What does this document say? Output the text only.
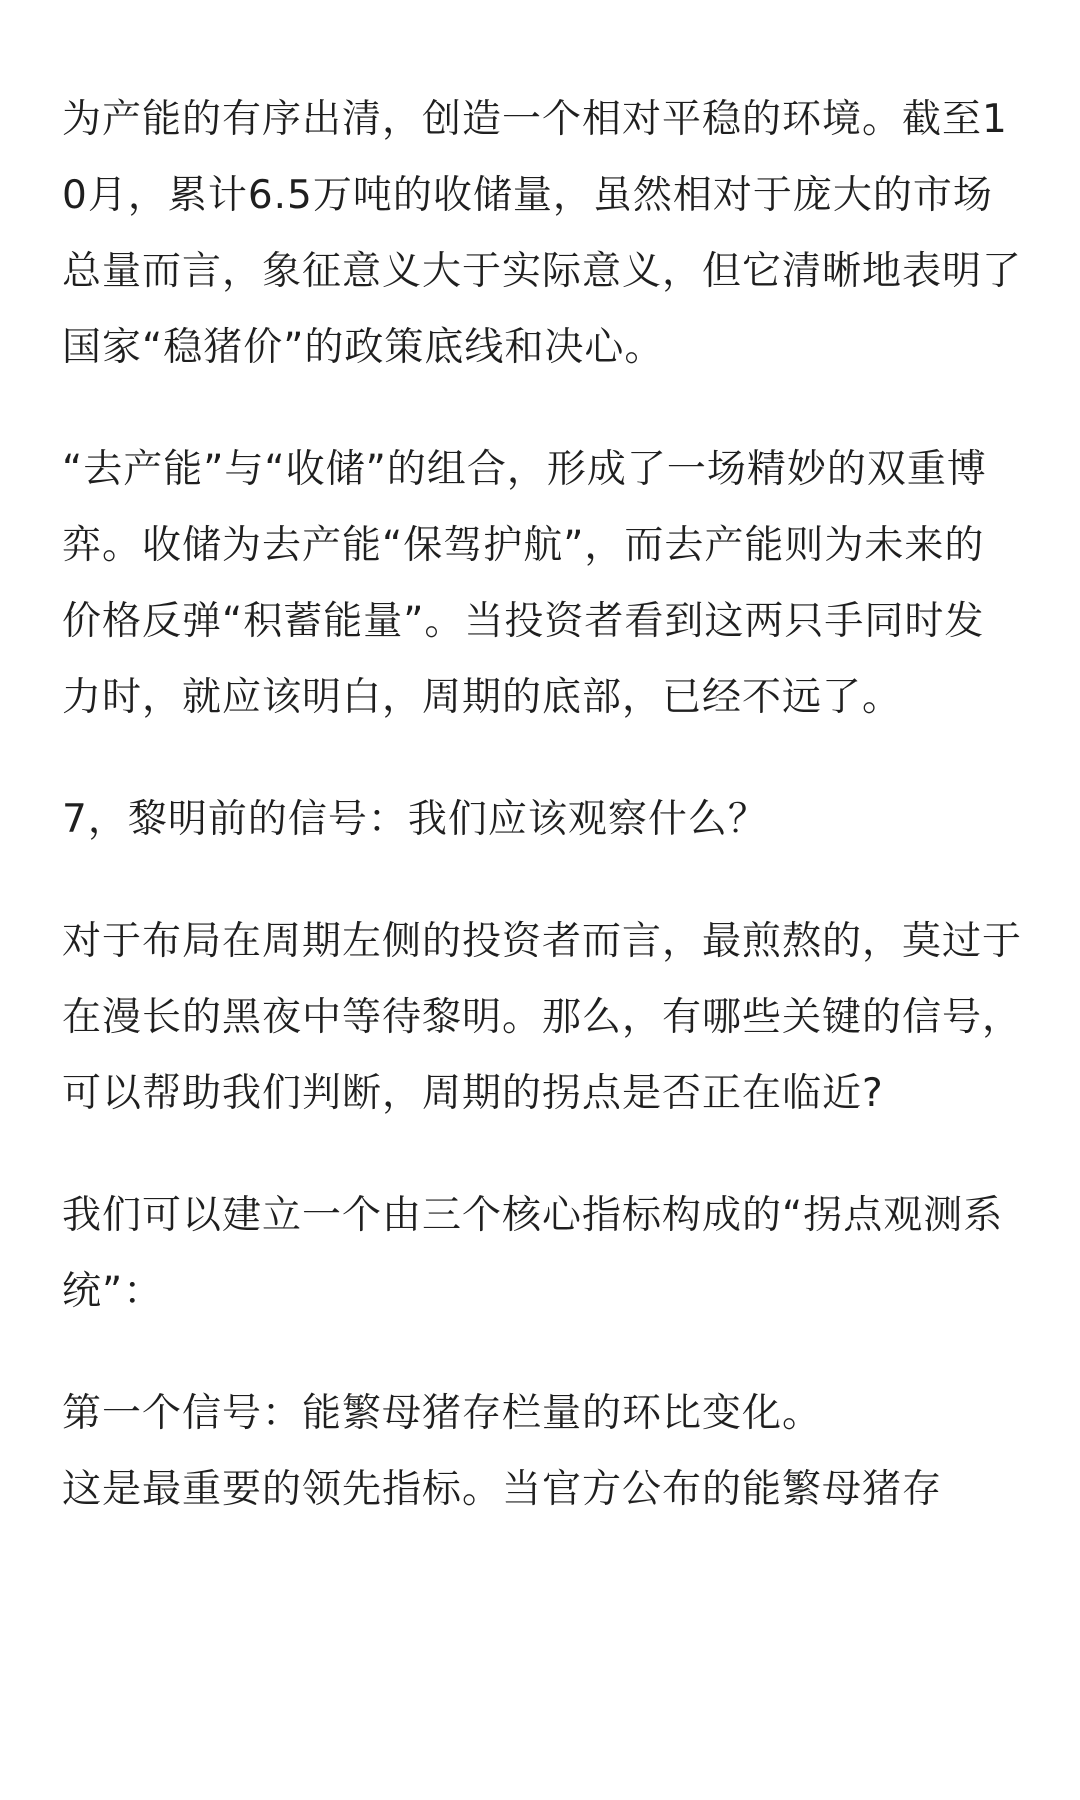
为产能的有序出清，创造一个相对平稳的环境。截至10月，累计6.5万吨的收储量，虽然相对于庞大的市场总量而言，象征意义大于实际意义，但它清晰地表明了国家“稳猪价”的政策底线和决心。

“去产能”与“收储”的组合，形成了一场精妙的双重博弈。收储为去产能“保驾护航”，而去产能则为未来的价格反弹“积蓄能量”。当投资者看到这两只手同时发力时，就应该明白，周期的底部，已经不远了。

7，黎明前的信号：我们应该观察什么？

对于布局在周期左侧的投资者而言，最煎熬的，莫过于在漫长的黑夜中等待黎明。那么，有哪些关键的信号，可以帮助我们判断，周期的拐点是否正在临近?

我们可以建立一个由三个核心指标构成的“拐点观测系统”：

第一个信号：能繁母猪存栏量的环比变化。

这是最重要的领先指标。当官方公布的能繁母猪存
